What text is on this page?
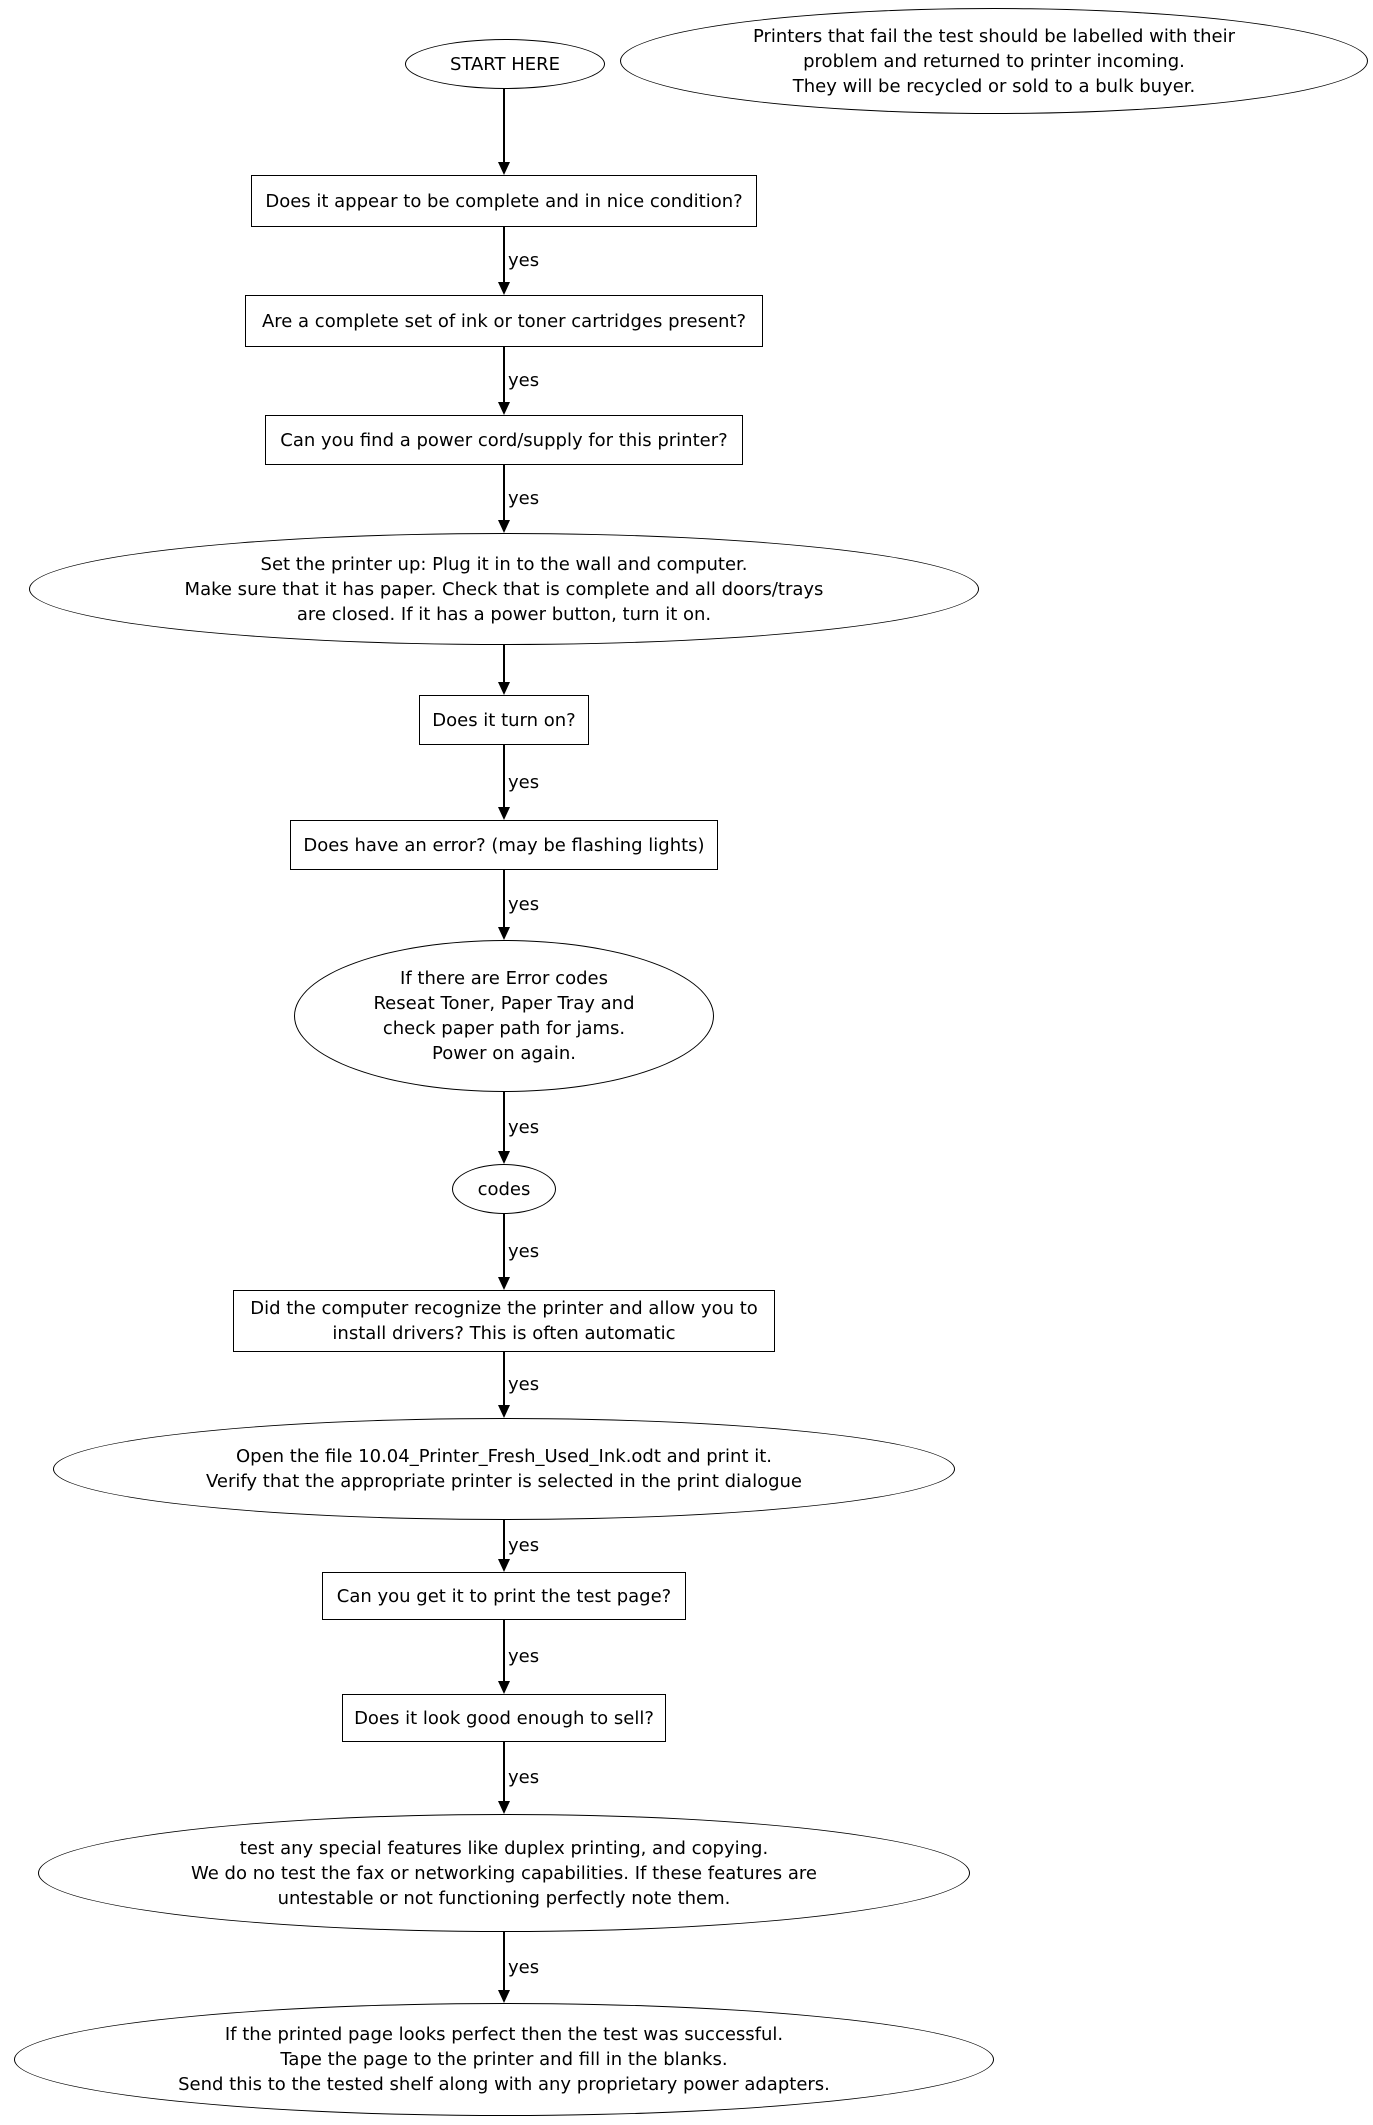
yes
yes
yes
yes
yes
yes
yes
yes
yes
yes
yes
yes
START HERE
Printers that fail the test should be labelled with their
problem and returned to printer incoming.
They will be recycled or sold to a bulk buyer.
Does it appear to be complete and in nice condition?
Are a complete set of ink or toner cartridges present?
Can you find a power cord/supply for this printer?
Set the printer up: Plug it in to the wall and computer.
Make sure that it has paper. Check that is complete and all doors/trays
are closed. If it has a power button, turn it on.
Does it turn on?
Does have an error? (may be flashing lights)
If there are Error codes
Reseat Toner, Paper Tray and
check paper path for jams.
Power on again.
codes
Did the computer recognize the printer and allow you to
install drivers? This is often automatic
Open the file 10.04_Printer_Fresh_Used_Ink.odt and print it.
Verify that the appropriate printer is selected in the print dialogue
Can you get it to print the test page?
Does it look good enough to sell?
test any special features like duplex printing, and copying.
We do no test the fax or networking capabilities. If these features are
untestable or not functioning perfectly note them.
If the printed page looks perfect then the test was successful.
Tape the page to the printer and fill in the blanks.
Send this to the tested shelf along with any proprietary power adapters.
